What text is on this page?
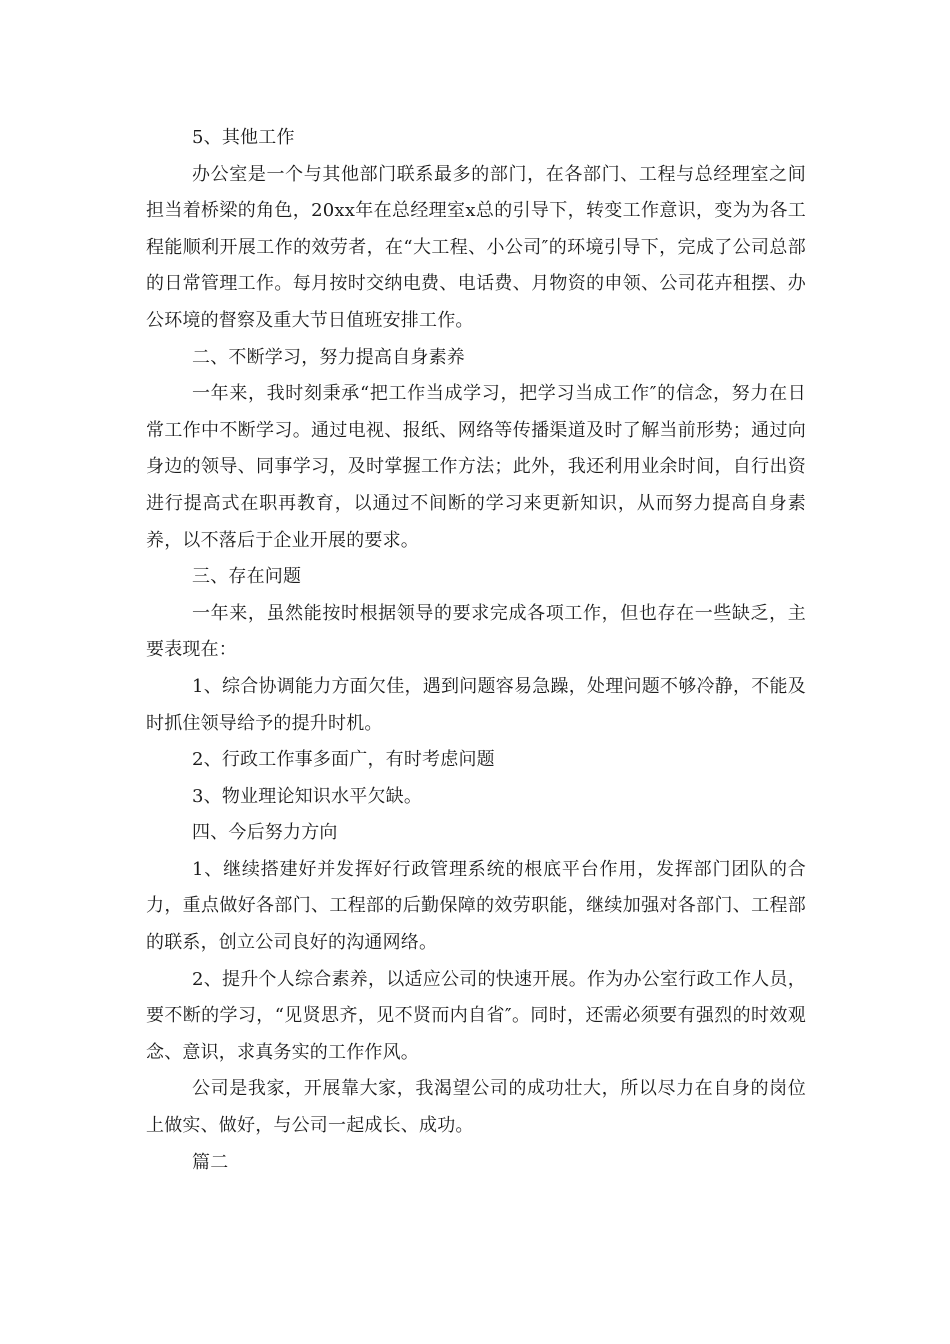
5、其他工作

办公室是一个与其他部门联系最多的部门，在各部门、工程与总经理室之间担当着桥梁的角色，20xx年在总经理室x总的引导下，转变工作意识，变为为各工程能顺利开展工作的效劳者，在“大工程、小公司″的环境引导下，完成了公司总部的日常管理工作。每月按时交纳电费、电话费、月物资的申领、公司花卉租摆、办公环境的督察及重大节日值班安排工作。

二、不断学习，努力提高自身素养

一年来，我时刻秉承“把工作当成学习，把学习当成工作″的信念，努力在日常工作中不断学习。通过电视、报纸、网络等传播渠道及时了解当前形势；通过向身边的领导、同事学习，及时掌握工作方法；此外，我还利用业余时间，自行出资进行提高式在职再教育，以通过不间断的学习来更新知识，从而努力提高自身素养，以不落后于企业开展的要求。

三、存在问题

一年来，虽然能按时根据领导的要求完成各项工作，但也存在一些缺乏，主要表现在：

1、综合协调能力方面欠佳，遇到问题容易急躁，处理问题不够冷静，不能及时抓住领导给予的提升时机。

2、行政工作事多面广，有时考虑问题

3、物业理论知识水平欠缺。

四、今后努力方向

1、继续搭建好并发挥好行政管理系统的根底平台作用，发挥部门团队的合力，重点做好各部门、工程部的后勤保障的效劳职能，继续加强对各部门、工程部的联系，创立公司良好的沟通网络。

2、提升个人综合素养，以适应公司的快速开展。作为办公室行政工作人员，要不断的学习，“见贤思齐，见不贤而内自省″。同时，还需必须要有强烈的时效观念、意识，求真务实的工作作风。

公司是我家，开展靠大家，我渴望公司的成功壮大，所以尽力在自身的岗位上做实、做好，与公司一起成长、成功。

篇二
